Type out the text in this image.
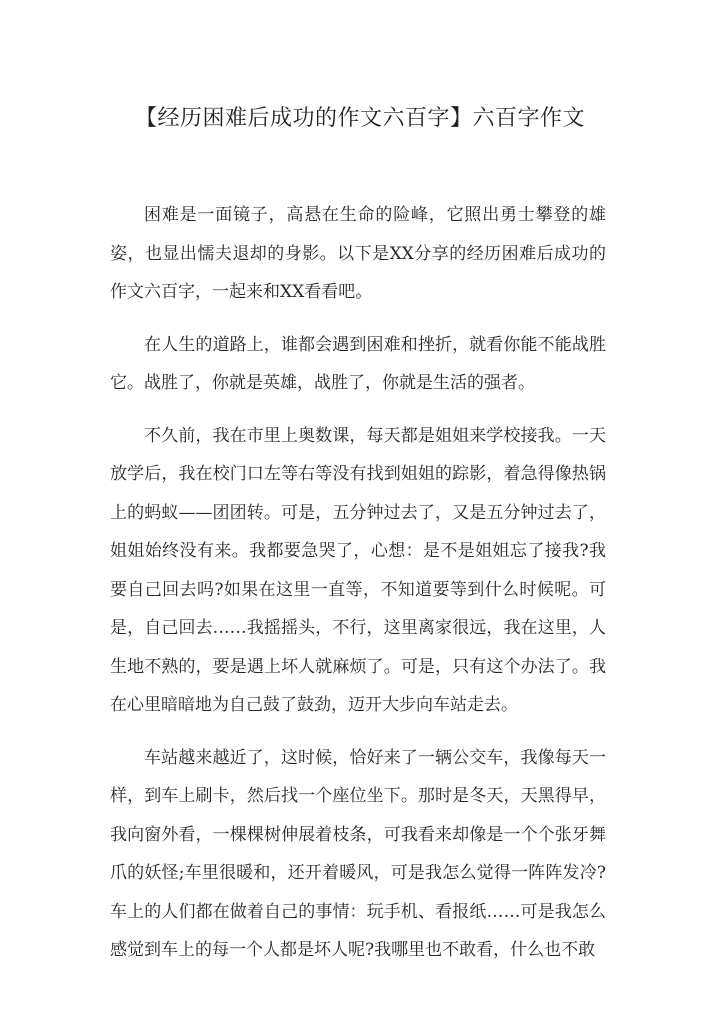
【经历困难后成功的作文六百字】六百字作文

困难是一面镜子，高悬在生命的险峰，它照出勇士攀登的雄姿，也显出懦夫退却的身影。以下是XX分享的经历困难后成功的作文六百字，一起来和XX看看吧。

在人生的道路上，谁都会遇到困难和挫折，就看你能不能战胜它。战胜了，你就是英雄，战胜了，你就是生活的强者。

不久前，我在市里上奥数课，每天都是姐姐来学校接我。一天放学后，我在校门口左等右等没有找到姐姐的踪影，着急得像热锅上的蚂蚁——团团转。可是，五分钟过去了，又是五分钟过去了，姐姐始终没有来。我都要急哭了，心想：是不是姐姐忘了接我?我要自己回去吗?如果在这里一直等，不知道要等到什么时候呢。可是，自己回去……我摇摇头，不行，这里离家很远，我在这里，人生地不熟的，要是遇上坏人就麻烦了。可是，只有这个办法了。我在心里暗暗地为自己鼓了鼓劲，迈开大步向车站走去。

车站越来越近了，这时候，恰好来了一辆公交车，我像每天一样，到车上刷卡，然后找一个座位坐下。那时是冬天，天黑得早，我向窗外看，一棵棵树伸展着枝条，可我看来却像是一个个张牙舞爪的妖怪;车里很暖和，还开着暖风，可是我怎么觉得一阵阵发冷?车上的人们都在做着自己的事情：玩手机、看报纸……可是我怎么感觉到车上的每一个人都是坏人呢?我哪里也不敢看，什么也不敢
